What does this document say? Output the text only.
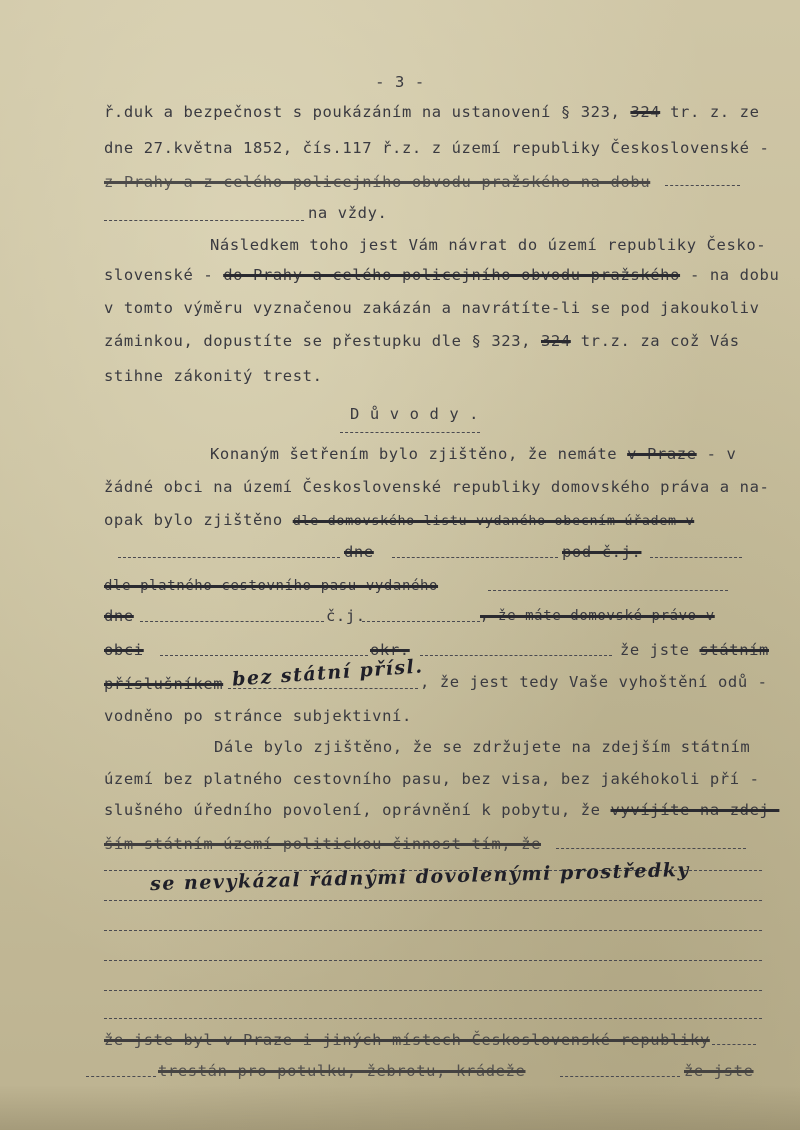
- 3 -
ř.duk a bezpečnost s poukázáním na ustanovení § 323, 324 tr. z. ze
dne 27.května 1852, čís.117 ř.z. z území republiky Československé -
z Prahy a z celého policejního obvodu pražského na dobu
na vždy.
Následkem toho jest Vám návrat do území republiky Česko-
slovenské - do Prahy a celého policejního obvodu pražského - na dobu
v tomto výměru vyznačenou zakázán a navrátíte-li se pod jakoukoliv
záminkou, dopustíte se přestupku dle § 323, 324 tr.z. za což Vás
stihne zákonitý trest.
D ů v o d y .
Konaným šetřením bylo zjištěno, že nemáte v Praze - v
žádné obci na území Československé republiky domovského práva a na-
opak bylo zjištěno dle domovského listu vydaného obecním úřadem v
dne	pod č.j.
dle platného cestovního pasu vydaného
dne	č.j.	, že máte domovské právo v
obci	okr.	že jste státním
příslušníkem bez státní přísl.
, že jest tedy Vaše vyhoštění odů -
vodněno po stránce subjektivní.
Dále bylo zjištěno, že se zdržujete na zdejším státním
území bez platného cestovního pasu, bez visa, bez jakéhokoli pří -
slušného úředního povolení, oprávnění k pobytu, že vyvíjíte na zdej-
ším státním území politickou činnost tím, že
se nevykázal řádnými dovolenými prostředky
že jste byl v Praze i jiných místech Československé republiky
trestán pro potulku, žebrotu, krádeže	že jste
